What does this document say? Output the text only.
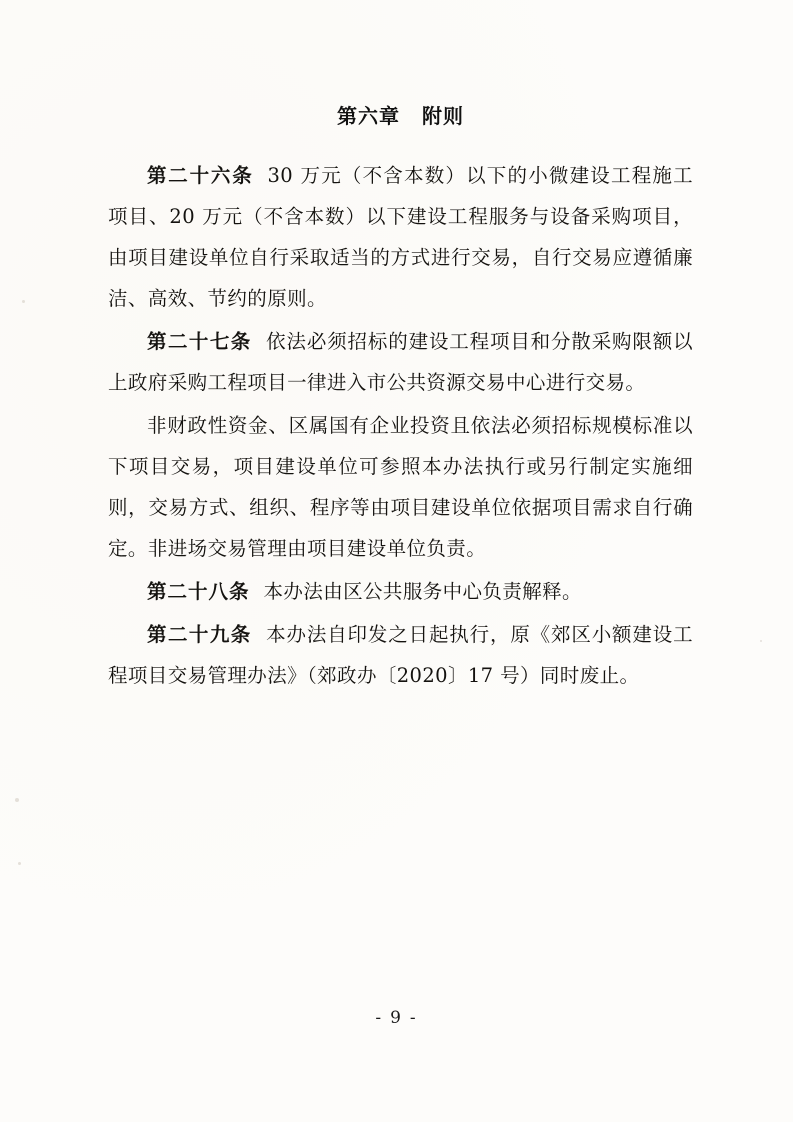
第六章 附则

第二十六条 30 万元（不含本数）以下的小微建设工程施工项目、20 万元（不含本数）以下建设工程服务与设备采购项目，由项目建设单位自行采取适当的方式进行交易，自行交易应遵循廉洁、高效、节约的原则。

第二十七条 依法必须招标的建设工程项目和分散采购限额以上政府采购工程项目一律进入市公共资源交易中心进行交易。

非财政性资金、区属国有企业投资且依法必须招标规模标准以下项目交易，项目建设单位可参照本办法执行或另行制定实施细则，交易方式、组织、程序等由项目建设单位依据项目需求自行确定。非进场交易管理由项目建设单位负责。

第二十八条 本办法由区公共服务中心负责解释。

第二十九条 本办法自印发之日起执行，原《郊区小额建设工程项目交易管理办法》（郊政办〔2020〕17 号）同时废止。

- 9 -
